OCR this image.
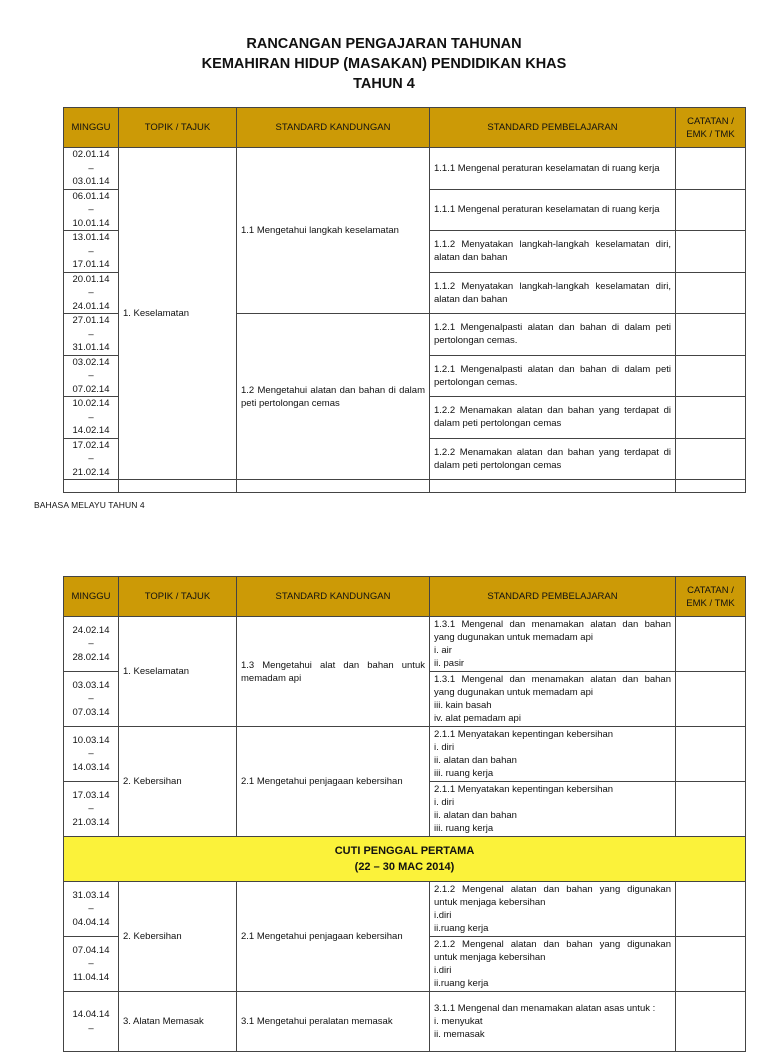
RANCANGAN PENGAJARAN TAHUNAN
KEMAHIRAN HIDUP (MASAKAN) PENDIDIKAN KHAS
TAHUN 4
MINGGU	TOPIK / TAJUK	STANDARD KANDUNGAN	STANDARD PEMBELAJARAN	CATATAN /
EMK / TMK

02.01.14
–
03.01.14	1. Keselamatan	1.1 Mengetahui langkah keselamatan	1.1.1 Mengenal peraturan keselamatan di ruang kerja	

06.01.14
–
10.01.14			1.1.1 Mengenal peraturan keselamatan di ruang kerja	

13.01.14
–
17.01.14			1.1.2 Menyatakan langkah-langkah keselamatan diri, alatan dan bahan	

20.01.14
–
24.01.14			1.1.2 Menyatakan langkah-langkah keselamatan diri, alatan dan bahan	

27.01.14
–
31.01.14		1.2 Mengetahui alatan dan bahan di dalam peti pertolongan cemas	1.2.1 Mengenalpasti alatan dan bahan di dalam peti pertolongan cemas.	

03.02.14
–
07.02.14			1.2.1 Mengenalpasti alatan dan bahan di dalam peti pertolongan cemas.	

10.02.14
–
14.02.14			1.2.2 Menamakan alatan dan bahan yang terdapat di dalam peti pertolongan cemas	

17.02.14
–
21.02.14			1.2.2 Menamakan alatan dan bahan yang terdapat di dalam peti pertolongan cemas	

BAHASA MELAYU TAHUN 4
MINGGU	TOPIK / TAJUK	STANDARD KANDUNGAN	STANDARD PEMBELAJARAN	CATATAN /
EMK / TMK

24.02.14
–
28.02.14	1. Keselamatan	1.3 Mengetahui alat dan bahan untuk memadam api	1.3.1 Mengenal dan menamakan alatan dan bahan yang dugunakan untuk memadam api
i. air
ii. pasir	

03.03.14
–
07.03.14			1.3.1 Mengenal dan menamakan alatan dan bahan yang dugunakan untuk memadam api
iii. kain basah
iv. alat pemadam api	

10.03.14
–
14.03.14	2. Kebersihan	2.1 Mengetahui penjagaan kebersihan	2.1.1 Menyatakan kepentingan kebersihan
i. diri
ii. alatan dan bahan
iii. ruang kerja	

17.03.14
–
21.03.14			2.1.1 Menyatakan kepentingan kebersihan
i. diri
ii. alatan dan bahan
iii. ruang kerja	

CUTI PENGGAL PERTAMA
(22 – 30 MAC 2014)				

31.03.14
–
04.04.14	2. Kebersihan	2.1 Mengetahui penjagaan kebersihan	2.1.2 Mengenal alatan dan bahan yang digunakan untuk menjaga kebersihan
i.diri
ii.ruang kerja	

07.04.14
–
11.04.14			2.1.2 Mengenal alatan dan bahan yang digunakan untuk menjaga kebersihan
i.diri
ii.ruang kerja	

14.04.14
–	3. Alatan Memasak	3.1 Mengetahui peralatan memasak	3.1.1 Mengenal dan menamakan alatan asas untuk :
i. menyukat
ii. memasak	
